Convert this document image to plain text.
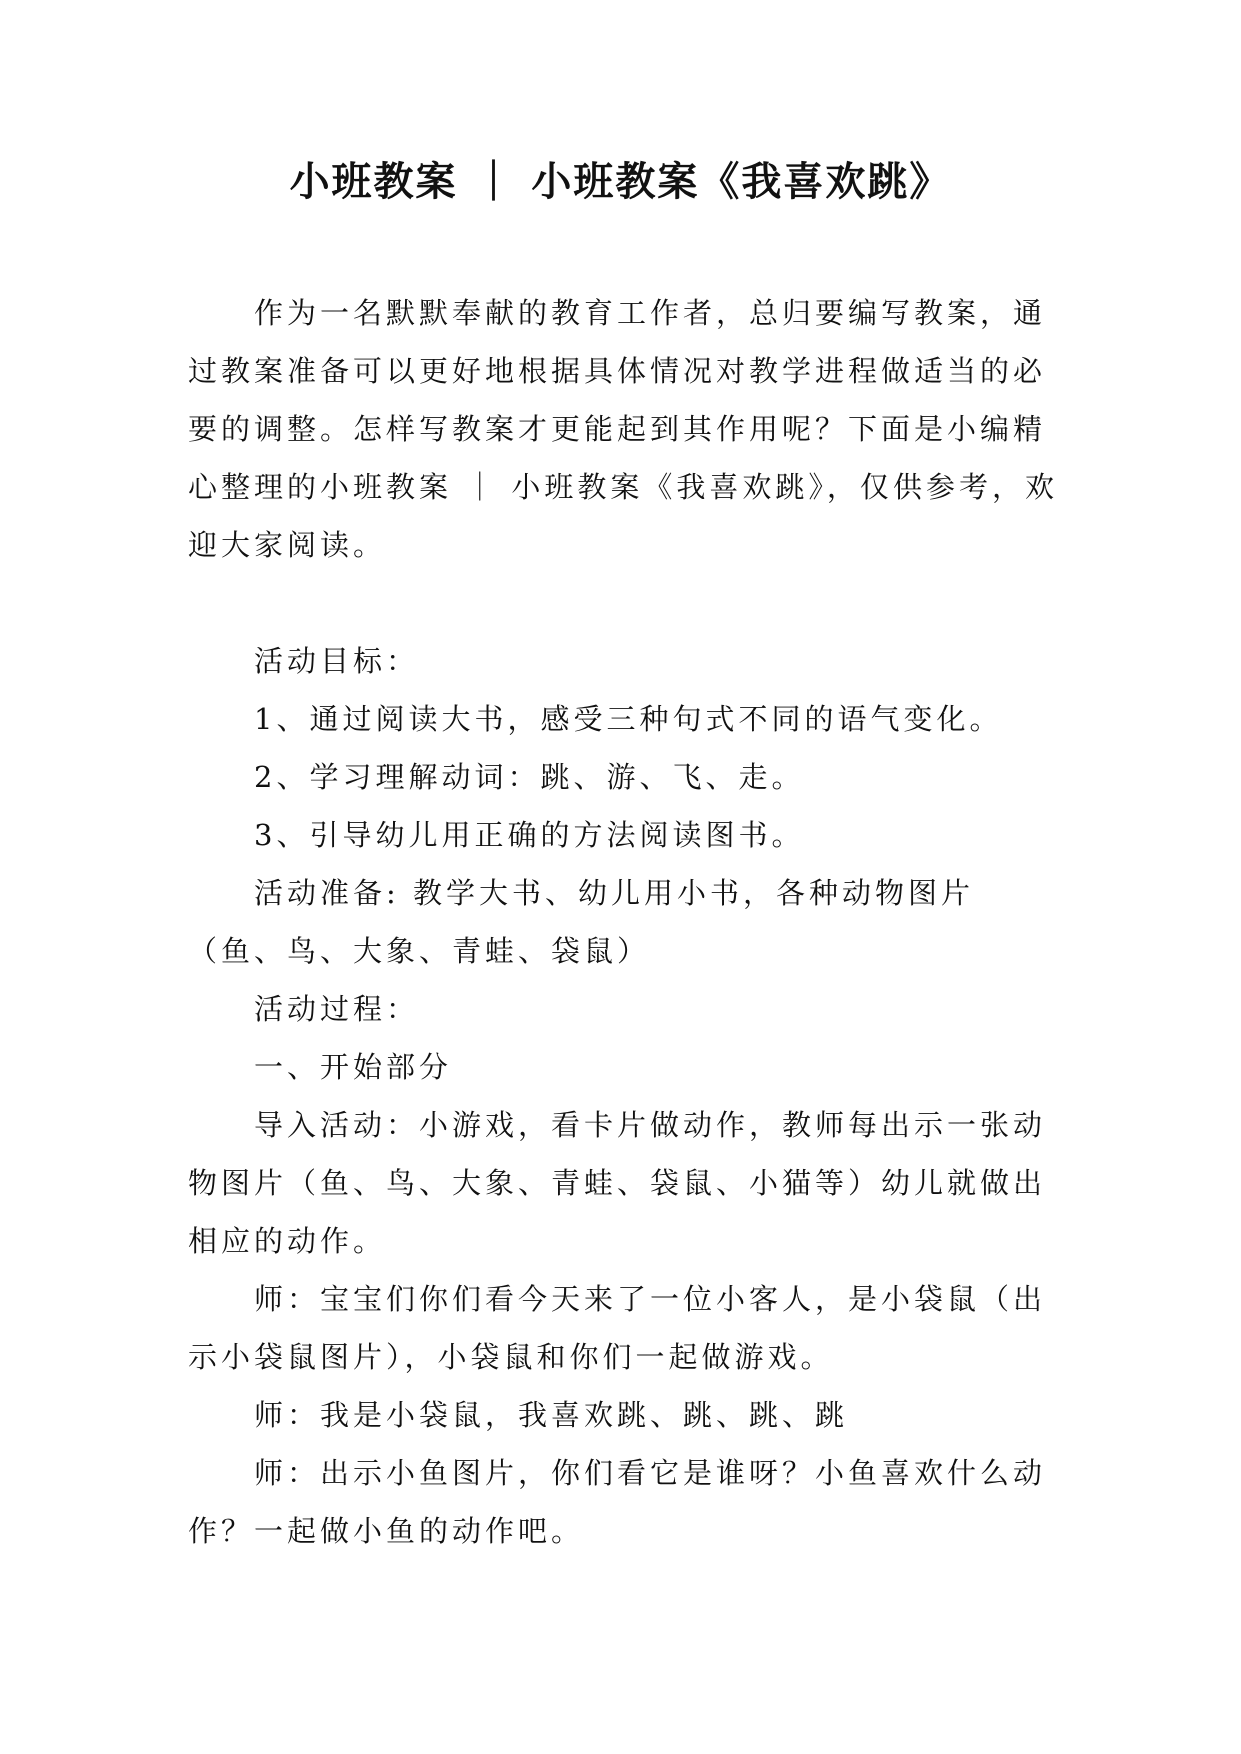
小班教案 ｜ 小班教案《我喜欢跳》

作为一名默默奉献的教育工作者，总归要编写教案，通过教案准备可以更好地根据具体情况对教学进程做适当的必要的调整。怎样写教案才更能起到其作用呢？下面是小编精心整理的小班教案 ｜ 小班教案《我喜欢跳》，仅供参考，欢迎大家阅读。

活动目标：

1、通过阅读大书，感受三种句式不同的语气变化。

2、学习理解动词：跳、游、飞、走。

3、引导幼儿用正确的方法阅读图书。

活动准备: 教学大书、幼儿用小书，各种动物图片（鱼、鸟、大象、青蛙、袋鼠）

活动过程：

一、开始部分

导入活动：小游戏，看卡片做动作，教师每出示一张动物图片（鱼、鸟、大象、青蛙、袋鼠、小猫等）幼儿就做出相应的动作。

师：宝宝们你们看今天来了一位小客人，是小袋鼠（出示小袋鼠图片），小袋鼠和你们一起做游戏。

师：我是小袋鼠，我喜欢跳、跳、跳、跳

师：出示小鱼图片，你们看它是谁呀？小鱼喜欢什么动作？一起做小鱼的动作吧。
